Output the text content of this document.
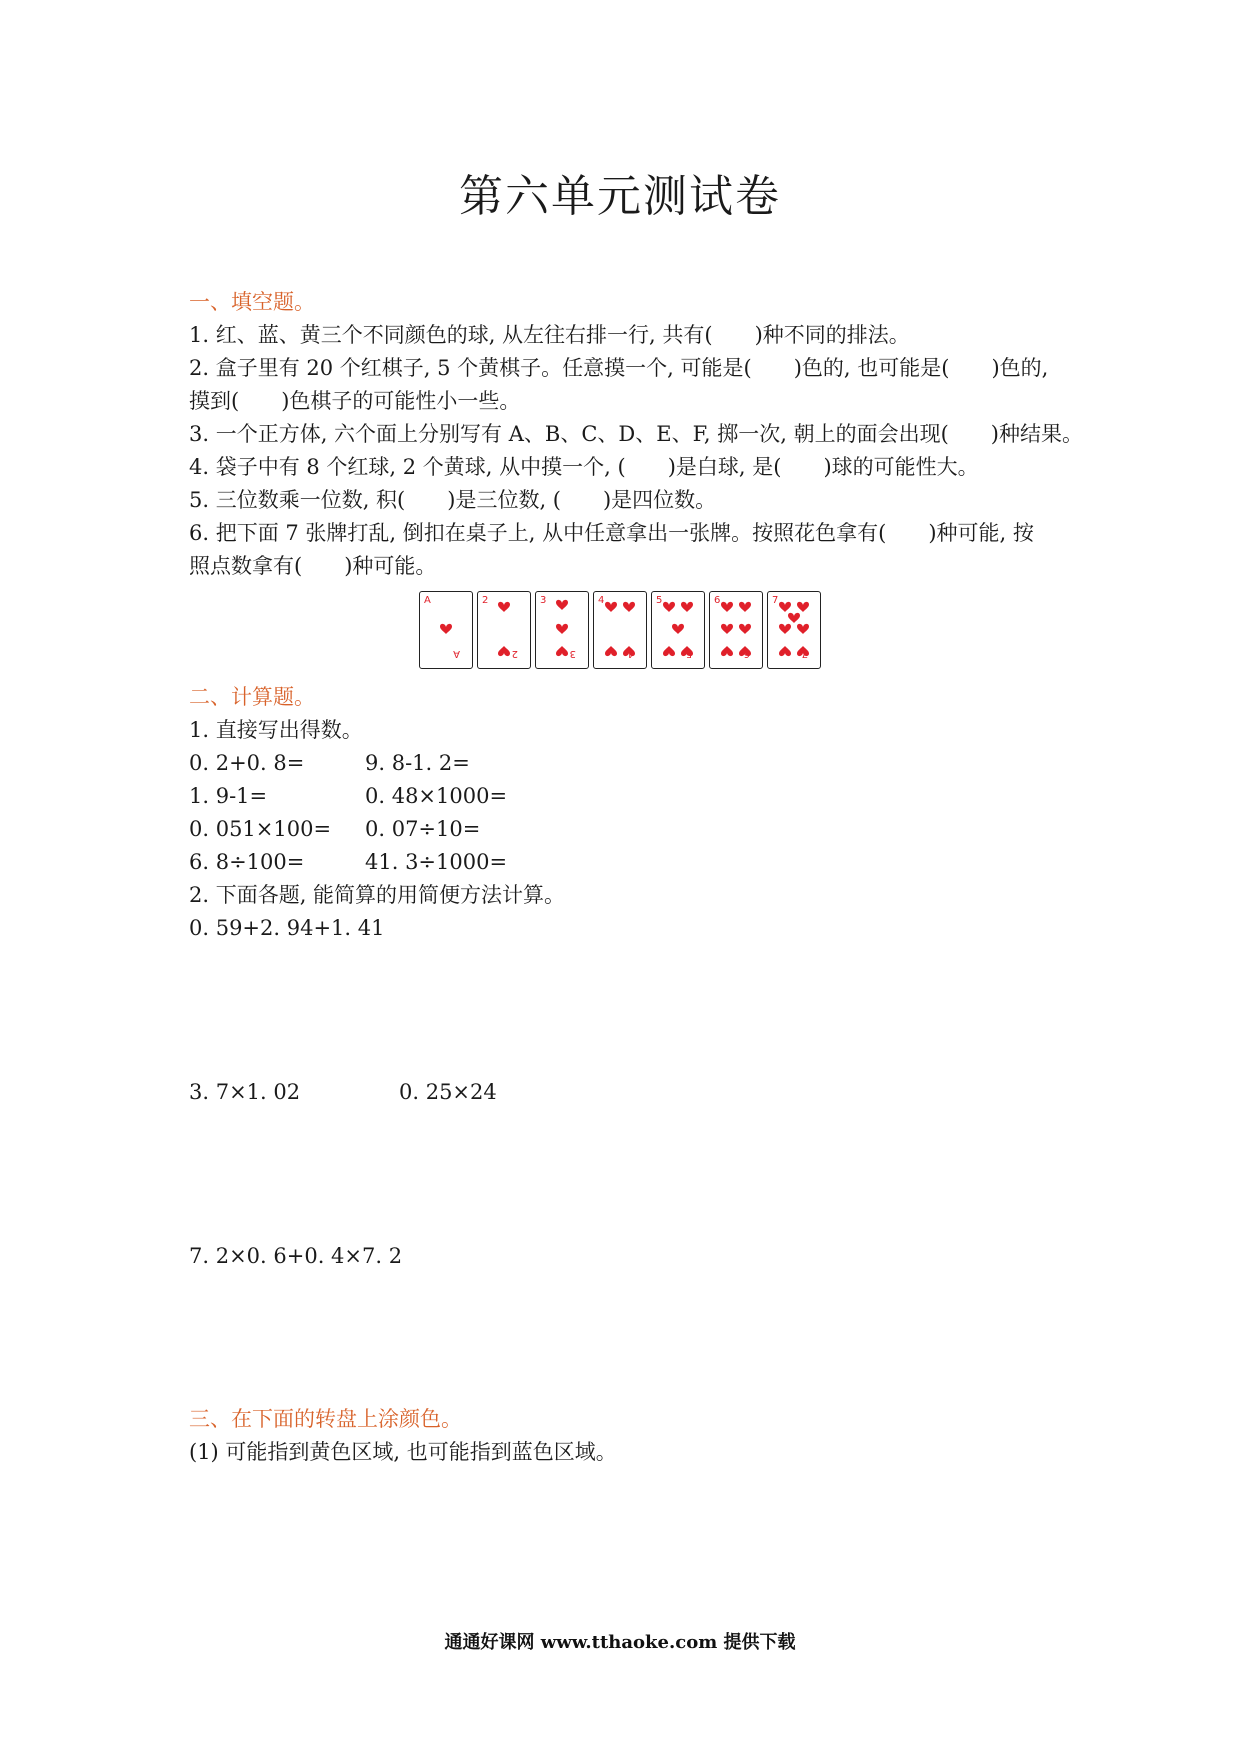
第六单元测试卷
一、填空题。
1. 红、蓝、黄三个不同颜色的球, 从左往右排一行, 共有(　　)种不同的排法。
2. 盒子里有 20 个红棋子, 5 个黄棋子。任意摸一个, 可能是(　　)色的, 也可能是(　　)色的,
摸到(　　)色棋子的可能性小一些。
3. 一个正方体, 六个面上分别写有 A、B、C、D、E、F, 掷一次, 朝上的面会出现(　　)种结果。
4. 袋子中有 8 个红球, 2 个黄球, 从中摸一个, (　　)是白球, 是(　　)球的可能性大。
5. 三位数乘一位数, 积(　　)是三位数, (　　)是四位数。
6. 把下面 7 张牌打乱, 倒扣在桌子上, 从中任意拿出一张牌。按照花色拿有(　　)种可能, 按
照点数拿有(　　)种可能。
A
A
2
2
3
3
4	5	6	7
二、计算题。
1. 直接写出得数。
0. 2+0. 8=	9. 8-1. 2=
1. 9-1=	0. 48×1000=
0. 051×100= 0. 07÷10=
6. 8÷100=	41. 3÷1000=
2. 下面各题, 能简算的用简便方法计算。
0. 59+2. 94+1. 41
3. 7×1. 02	0. 25×24
7. 2×0. 6+0. 4×7. 2
三、在下面的转盘上涂颜色。
(1) 可能指到黄色区域, 也可能指到蓝色区域。
通通好课网 www.tthaoke.com 提供下载
